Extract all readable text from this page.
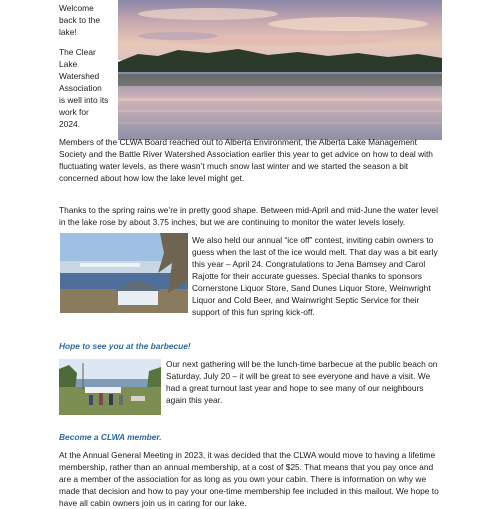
Welcome back to the lake!

The Clear Lake Watershed Association is well into its work for 2024.

Members of the CLWA Board reached out to Alberta Environment, the Alberta Lake Management Society and the Battle River Watershed Association earlier this year to get advice on how to deal with fluctuating water levels, as there wasn’t much snow last winter and we started the season a bit concerned about how low the lake level might get.

Thanks to the spring rains we’re in pretty good shape. Between mid-April and mid-June the water level in the lake rose by about 3.75 inches, but we are continuing to monitor the water levels losely.

We also held our annual “ice off” contest, inviting cabin owners to guess when the last of the ice would melt. That day was a bit early this year – April 24. Congratulations to Jena Bamsey and Carol Rajotte for their accurate guesses. Special thanks to sponsors Cornerstone Liquor Store, Sand Dunes Liquor Store, Weinwright Liquor and Cold Beer, and Wainwright Septic Service for their support of this fun spring kick-off.

Hope to see you at the barbecue!

Our next gathering will be the lunch-time barbecue at the public beach on Saturday, July 20 – it will be great to see everyone and have a visit. We had a great turnout last year and hope to see many of our neighbours again this year.

Become a CLWA member.

At the Annual General Meeting in 2023, it was decided that the CLWA would move to having a lifetime membership, rather than an annual membership, at a cost of $25. That means that you pay once and are a member of the association for as long as you own your cabin. There is information on why we made that decision and how to pay your one-time membership fee included in this mailout. We hope to have all cabin owners join us in caring for our lake.
